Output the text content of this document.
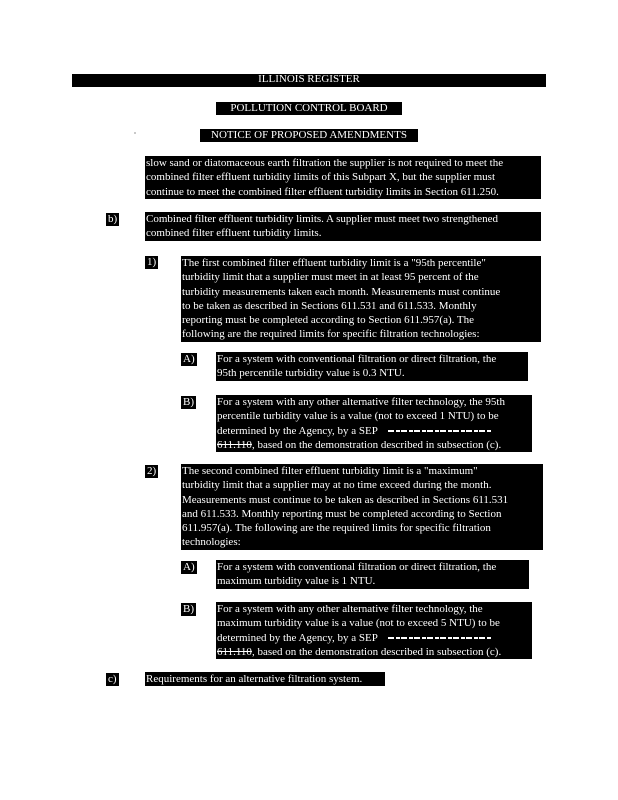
ILLINOIS REGISTER
POLLUTION CONTROL BOARD
NOTICE OF PROPOSED AMENDMENTS
slow sand or diatomaceous earth filtration the supplier is not required to meet the
combined filter effluent turbidity limits of this Subpart X, but the supplier must
continue to meet the combined filter effluent turbidity limits in Section 611.250.
b)	Combined filter effluent turbidity limits. A supplier must meet two strengthened
combined filter effluent turbidity limits.
1) The first combined filter effluent turbidity limit is a "95th percentile"
turbidity limit that a supplier must meet in at least 95 percent of the
turbidity measurements taken each month. Measurements must continue
to be taken as described in Sections 611.531 and 611.533. Monthly
reporting must be completed according to Section 611.957(a). The
following are the required limits for specific filtration technologies:
A) For a system with conventional filtration or direct filtration, the
95th percentile turbidity value is 0.3 NTU.
B) For a system with any other alternative filter technology, the 95th
percentile turbidity value is a value (not to exceed 1 NTU) to be
determined by the Agency, by a SEP
611.110, based on the demonstration described in subsection (c).
2) The second combined filter effluent turbidity limit is a "maximum"
turbidity limit that a supplier may at no time exceed during the month.
Measurements must continue to be taken as described in Sections 611.531
and 611.533. Monthly reporting must be completed according to Section
611.957(a). The following are the required limits for specific filtration
technologies:
A) For a system with conventional filtration or direct filtration, the
maximum turbidity value is 1 NTU.
B) For a system with any other alternative filter technology, the
maximum turbidity value is a value (not to exceed 5 NTU) to be
determined by the Agency, by a SEP
611.110, based on the demonstration described in subsection (c).
c)	Requirements for an alternative filtration system.
